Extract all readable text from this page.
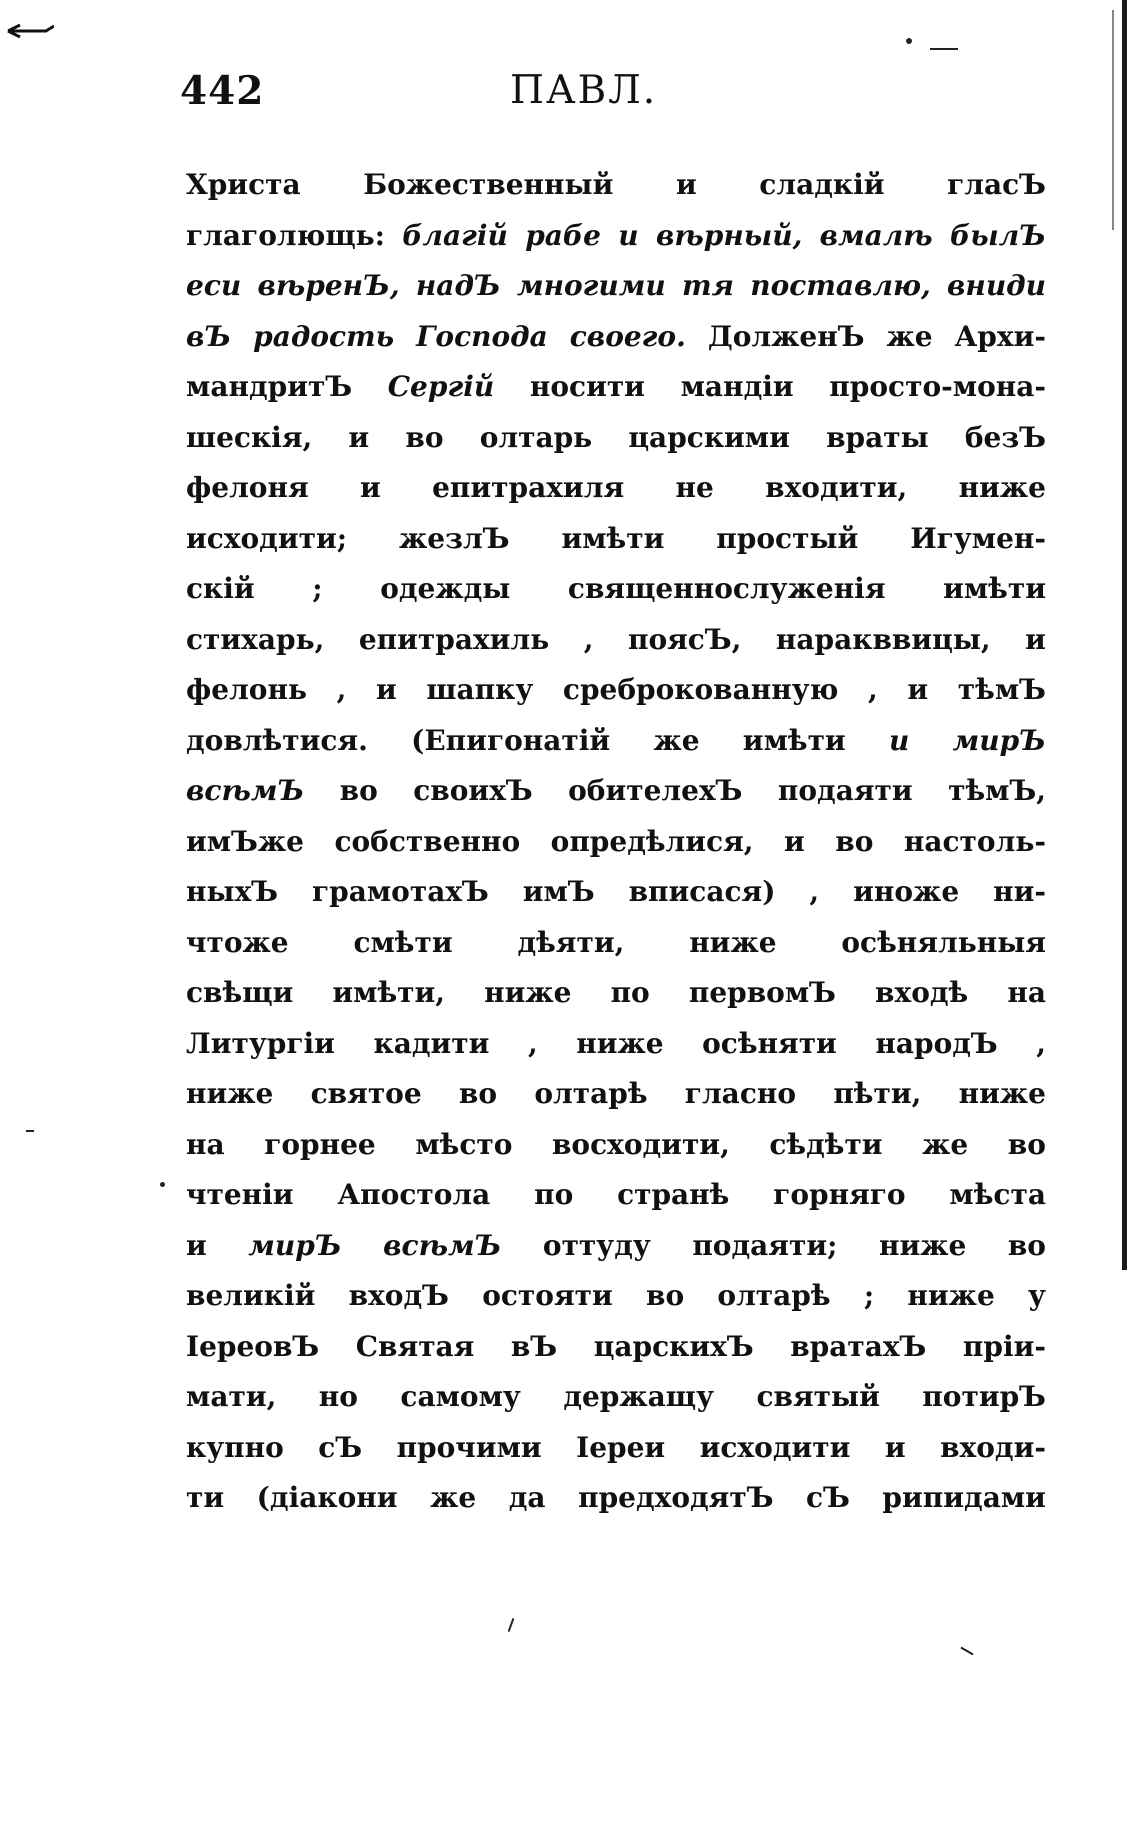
442	ПАВЛ.
Христа Божественный и сладкій гласЪ
глаголющь: благій рабе и вѣрный, вмалѣ былЪ
еси вѣренЪ, надЪ многими тя поставлю, вниди
вЪ радость Господа своего. ДолженЪ же Архи-
мандритЪ Сергій носити мандіи просто-мона-
шескія, и во олтарь царскими враты безЪ
фелоня и епитрахиля не входити, ниже
исходити; жезлЪ имѣти простый Игумен-
скій ; одежды священнослуженія имѣти
стихарь, епитрахиль , поясЪ, наракввицы, и
фелонь , и шапку среброкованную , и тѣмЪ
довлѣтися. (Епигонатій же имѣти и мирЪ
всѣмЪ во своихЪ обителехЪ подаяти тѣмЪ,
имЪже собственно опредѣлися, и во настоль-
ныхЪ грамотахЪ имЪ вписася) , иноже ни-
чтоже смѣти дѣяти, ниже осѣняльныя
свѣщи имѣти, ниже по первомЪ входѣ на
Литургіи кадити , ниже осѣняти народЪ ,
ниже святое во олтарѣ гласно пѣти, ниже
на горнее мѣсто восходити, сѣдѣти же во
чтеніи Апостола по странѣ горняго мѣста
и мирЪ всѣмЪ оттуду подаяти; ниже во
великій входЪ остояти во олтарѣ ; ниже у
ІереовЪ Святая вЪ царскихЪ вратахЪ пріи-
мати, но самому держащу святый потирЪ
купно сЪ прочими Іереи исходити и входи-
ти (діакони же да предходятЪ сЪ рипидами
